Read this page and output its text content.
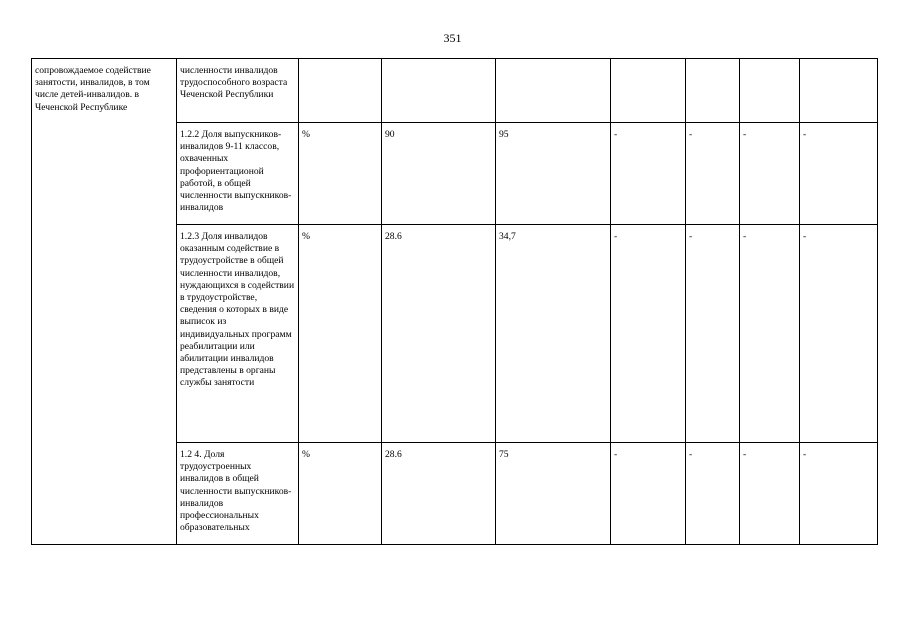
351
сопровождаемое содействие занятости, инвалидов, в том числе детей-инвалидов. в Чеченской Республике	численности инвалидов трудоспособного возраста Чеченской Республики							

	1.2.2 Доля выпускников-инвалидов 9-11 классов, охваченных профориентационой работой, в общей численности выпускников-инвалидов	%	90	95	-	-	-	-

	1.2.3 Доля инвалидов оказанным содействие в трудоустройстве в общей численности инвалидов, нуждающихся в содействии в трудоустройстве, сведения о которых в виде выписок из индивидуальных программ реабилитации или абилитации инвалидов представлены в органы службы занятости	%	28.6	34,7	-	-	-	-

	1.2 4. Доля трудоустроенных инвалидов в общей численности выпускников-инвалидов профессиональных образовательных	%	28.6	75	-	-	-	-
